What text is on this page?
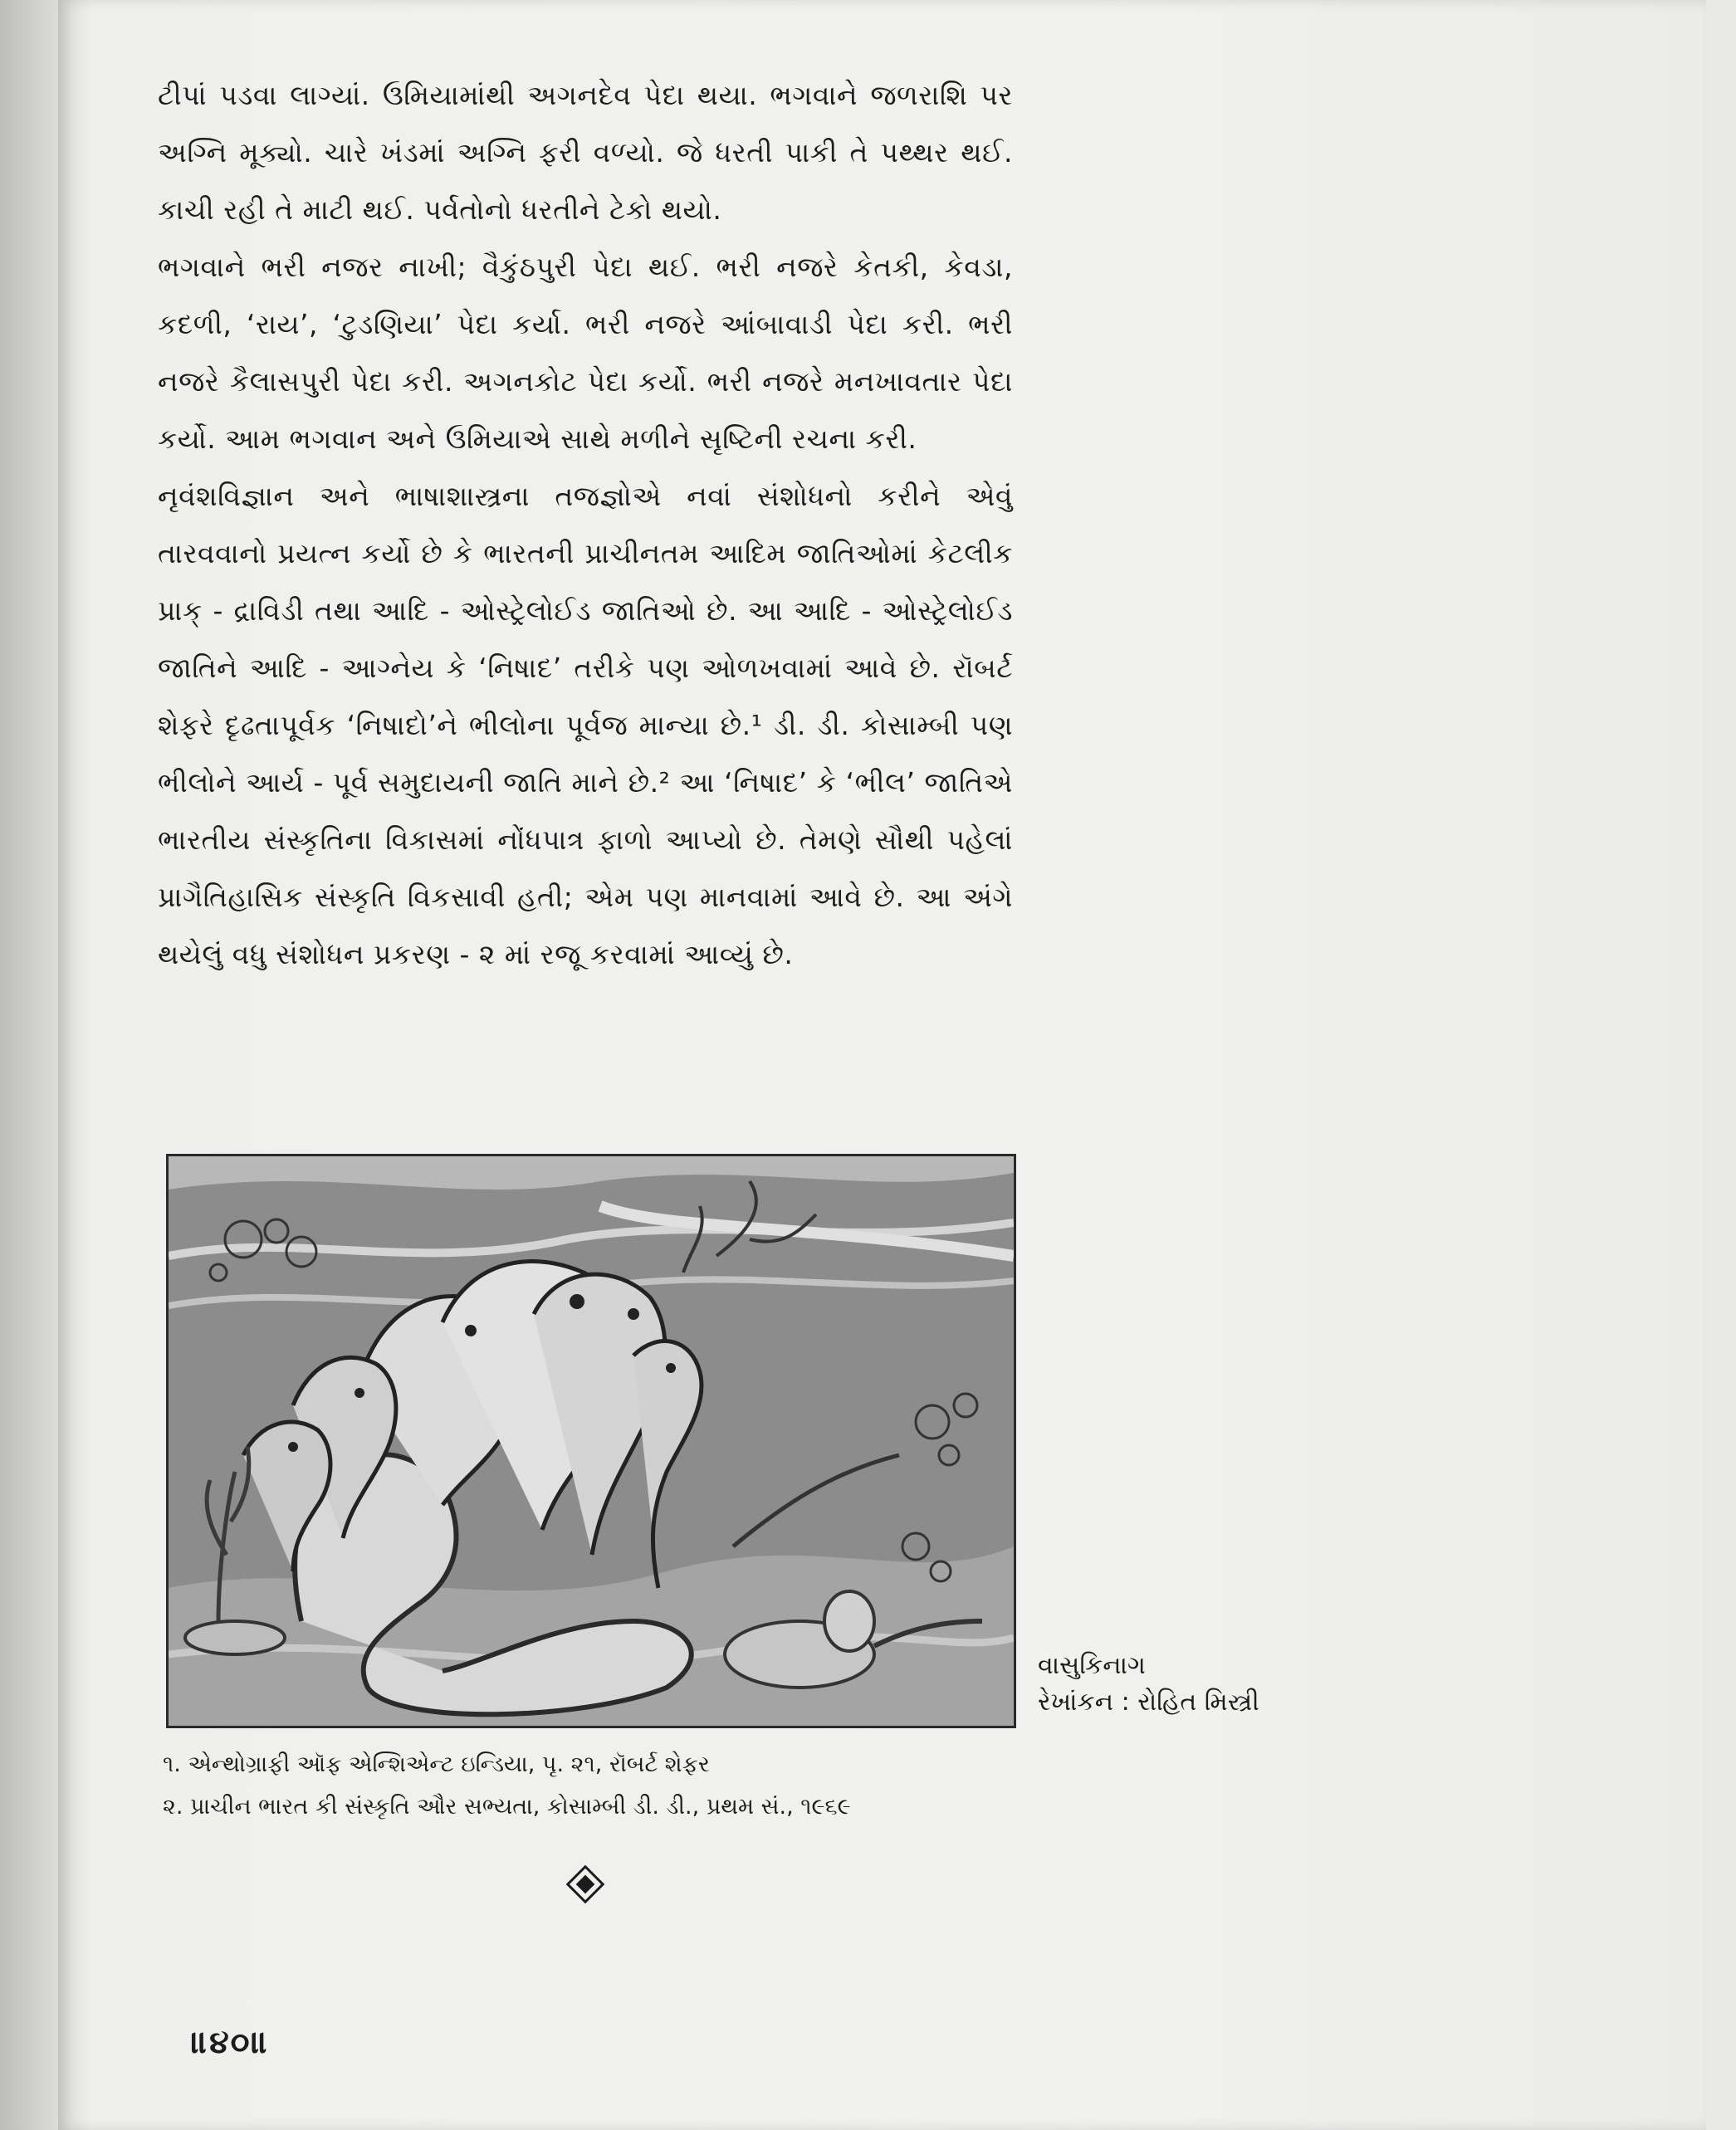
ટીપાં પડવા લાગ્યાં. ઉમિયામાંથી અગનદેવ પેદા થયા. ભગવાને જળરાશિ પર અગ્નિ મૂક્યો. ચારે ખંડમાં અગ્નિ ફરી વળ્યો. જે ધરતી પાકી તે પથ્થર થઈ. કાચી રહી તે માટી થઈ. પર્વતોનો ધરતીને ટેકો થયો.

ભગવાને ભરી નજર નાખી; વૈકુંઠપુરી પેદા થઈ. ભરી નજરે કેતકી, કેવડા, કદળી, ‘રાય’, ‘ટુડણિયા’ પેદા કર્યા. ભરી નજરે આંબાવાડી પેદા કરી. ભરી નજરે કૈલાસપુરી પેદા કરી. અગનકોટ પેદા કર્યો. ભરી નજરે મનખાવતાર પેદા કર્યો. આમ ભગવાન અને ઉમિયાએ સાથે મળીને સૃષ્ટિની રચના કરી.

નૃવંશવિજ્ઞાન અને ભાષાશાસ્ત્રના તજજ્ઞોએ નવાં સંશોધનો કરીને એવું તારવવાનો પ્રયત્ન કર્યો છે કે ભારતની પ્રાચીનતમ આદિમ જાતિઓમાં કેટલીક પ્રાક્ - દ્રાવિડી તથા આદિ - ઓસ્ટ્રેલોઈડ જાતિઓ છે. આ આદિ - ઓસ્ટ્રેલોઈડ જાતિને આદિ - આગ્નેય કે ‘નિષાદ’ તરીકે પણ ઓળખવામાં આવે છે. રૉબર્ટ શેફરે દૃઢતાપૂર્વક ‘નિષાદો’ને ભીલોના પૂર્વજ માન્યા છે.¹ ડી. ડી. કોસામ્બી પણ ભીલોને આર્ય - પૂર્વ સમુદાયની જાતિ માને છે.² આ ‘નિષાદ’ કે ‘ભીલ’ જાતિએ ભારતીય સંસ્કૃતિના વિકાસમાં નોંધપાત્ર ફાળો આપ્યો છે. તેમણે સૌથી પહેલાં પ્રાગૈતિહાસિક સંસ્કૃતિ વિકસાવી હતી; એમ પણ માનવામાં આવે છે. આ અંગે થયેલું વધુ સંશોધન પ્રકરણ - ૨ માં રજૂ કરવામાં આવ્યું છે.

વાસુકિનાગ
રેખાંકન : રોહિત મિસ્ત્રી
૧. એન્થોગ્રાફી ઑફ એન્શિએન્ટ ઇન્ડિયા, પૃ. ૨૧, રૉબર્ટ શેફર
૨. પ્રાચીન ભારત કી સંસ્કૃતિ ઔર સભ્યતા, કોસામ્બી ડી. ડી., પ્રથમ સં., ૧૯૬૯
॥૪૦॥
